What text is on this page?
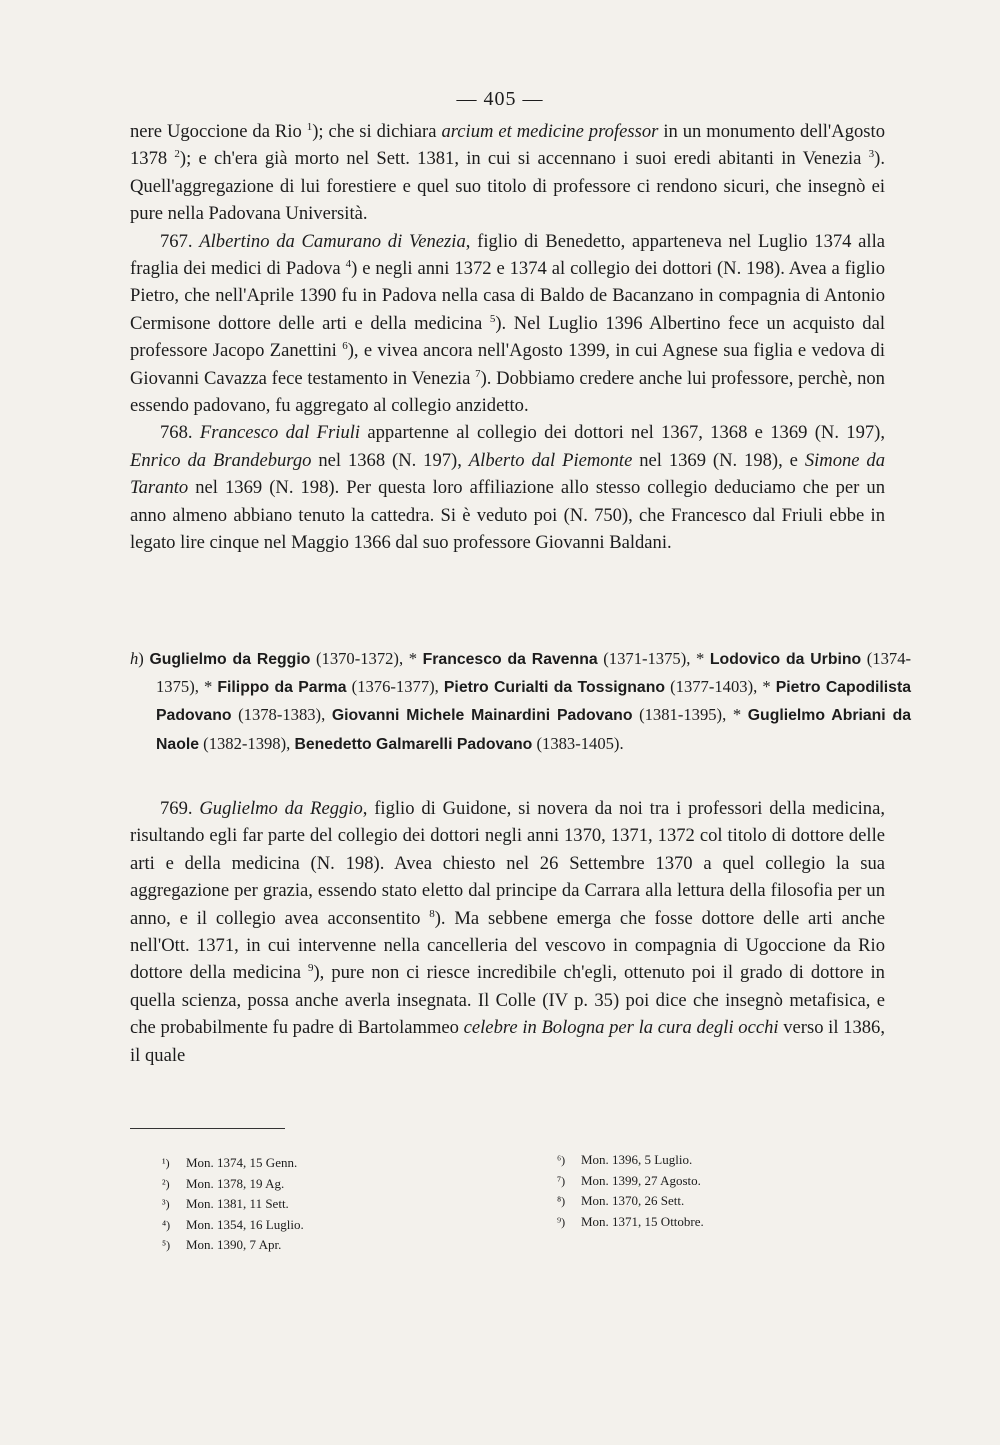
— 405 —

nere Ugoccione da Rio $^1$); che si dichiara arcium et medicine professor in un monumento dell'Agosto 1378 $^2$); e ch'era già morto nel Sett. 1381, in cui si accennano i suoi eredi abitanti in Venezia $^3$). Quell'aggregazione di lui forestiere e quel suo titolo di professore ci rendono sicuri, che insegnò ei pure nella Padovana Università.

767. Albertino da Camurano di Venezia, figlio di Benedetto, apparteneva nel Luglio 1374 alla fraglia dei medici di Padova $^4$) e negli anni 1372 e 1374 al collegio dei dottori (N. 198). Avea a figlio Pietro, che nell'Aprile 1390 fu in Padova nella casa di Baldo de Bacanzano in compagnia di Antonio Cermisone dottore delle arti e della medicina $^5$). Nel Luglio 1396 Albertino fece un acquisto dal professore Jacopo Zanettini $^6$), e vivea ancora nell'Agosto 1399, in cui Agnese sua figlia e vedova di Giovanni Cavazza fece testamento in Venezia $^7$). Dobbiamo credere anche lui professore, perchè, non essendo padovano, fu aggregato al collegio anzidetto.

768. Francesco dal Friuli appartenne al collegio dei dottori nel 1367, 1368 e 1369 (N. 197), Enrico da Brandeburgo nel 1368 (N. 197), Alberto dal Piemonte nel 1369 (N. 198), e Simone da Taranto nel 1369 (N. 198). Per questa loro affiliazione allo stesso collegio deduciamo che per un anno almeno abbiano tenuto la cattedra. Si è veduto poi (N. 750), che Francesco dal Friuli ebbe in legato lire cinque nel Maggio 1366 dal suo professore Giovanni Baldani.

h) Guglielmo da Reggio (1370-1372), * Francesco da Ravenna (1371-1375), * Lodovico da Urbino (1374-1375), * Filippo da Parma (1376-1377), Pietro Curialti da Tossignano (1377-1403), * Pietro Capodilista Padovano (1378-1383), Giovanni Michele Mainardini Padovano (1381-1395), * Guglielmo Abriani da Naole (1382-1398), Benedetto Galmarelli Padovano (1383-1405).

769. Guglielmo da Reggio, figlio di Guidone, si novera da noi tra i professori della medicina, risultando egli far parte del collegio dei dottori negli anni 1370, 1371, 1372 col titolo di dottore delle arti e della medicina (N. 198). Avea chiesto nel 26 Settembre 1370 a quel collegio la sua aggregazione per grazia, essendo stato eletto dal principe da Carrara alla lettura della filosofia per un anno, e il collegio avea acconsentito $^8$). Ma sebbene emerga che fosse dottore delle arti anche nell'Ott. 1371, in cui intervenne nella cancelleria del vescovo in compagnia di Ugoccione da Rio dottore della medicina $^9$), pure non ci riesce incredibile ch'egli, ottenuto poi il grado di dottore in quella scienza, possa anche averla insegnata. Il Colle (IV p. 35) poi dice che insegnò metafisica, e che probabilmente fu padre di Bartolammeo celebre in Bologna per la cura degli occhi verso il 1386, il quale

¹) Mon. 1374, 15 Genn.
²) Mon. 1378, 19 Ag.
³) Mon. 1381, 11 Sett.
⁴) Mon. 1354, 16 Luglio.
⁵) Mon. 1390, 7 Apr.
⁶) Mon. 1396, 5 Luglio.
⁷) Mon. 1399, 27 Agosto.
⁸) Mon. 1370, 26 Sett.
⁹) Mon. 1371, 15 Ottobre.
